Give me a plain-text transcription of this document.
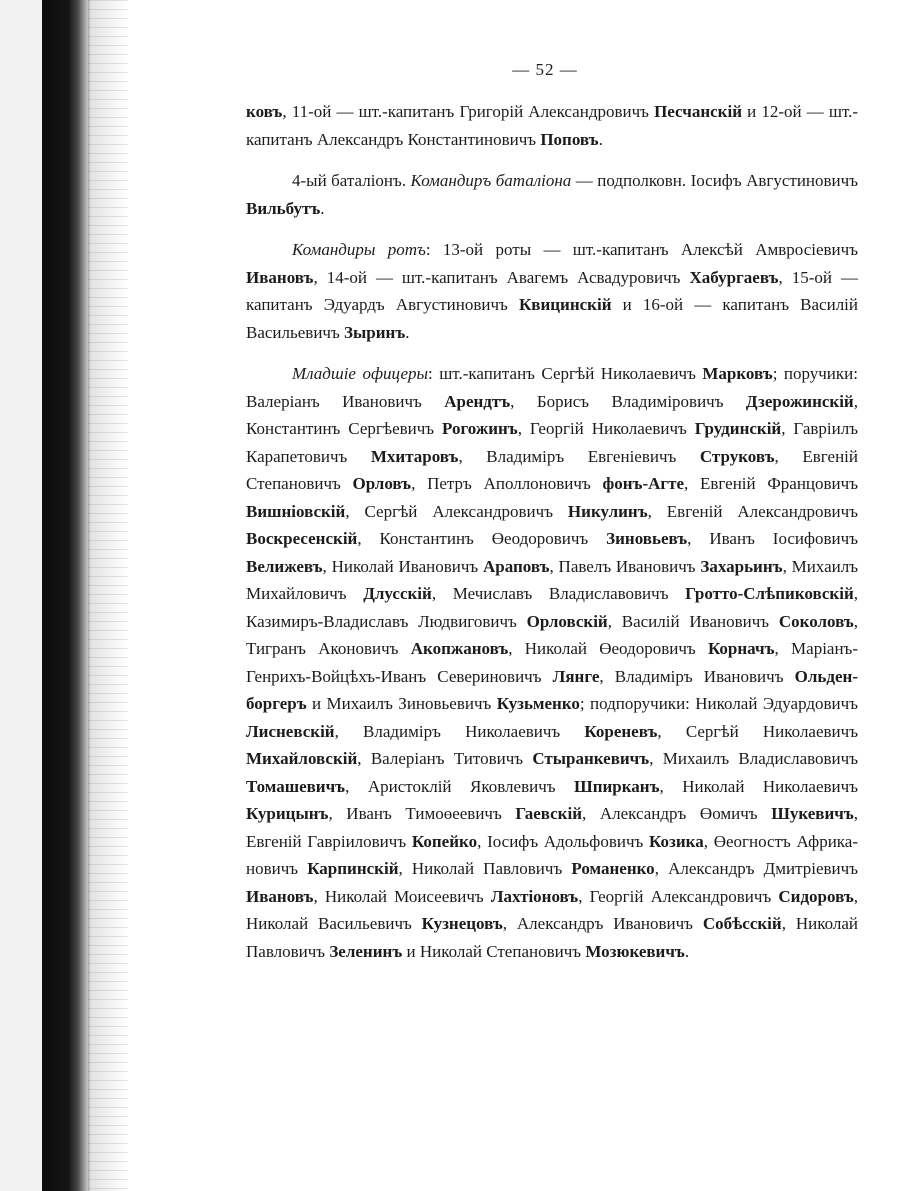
— 52 —

ковъ, 11-ой — шт.-капитанъ Григорій Александровичъ Песчанскій и 12-ой — шт.-капитанъ Александръ Константиновичъ Поповъ.

4-ый баталіонъ. Командиръ баталіона — подполковн. Іосифъ Августиновичъ Вильбутъ.

Командиры ротъ: 13-ой роты — шт.-капитанъ Алексѣй Амвросіевичъ Ивановъ, 14-ой — шт.-капитанъ Авагемъ Асвадуровичъ Хабургаевъ, 15-ой — капитанъ Эдуардъ Августиновичъ Квицинскій и 16-ой — капитанъ Василій Васильевичъ Зыринъ.

Младшіе офицеры: шт.-капитанъ Сергѣй Николаевичъ Марковъ; поручики: Валеріанъ Ивановичъ Арендтъ, Борисъ Владиміровичъ Дзерожинскій, Константинъ Сергѣевичъ Рогожинъ, Георгій Николаевичъ Грудинскій, Гавріилъ Карапетовичъ Мхитаровъ, Владиміръ Евгеніевичъ Струковъ, Евгеній Степановичъ Орловъ, Петръ Аполлоновичъ фонъ-Агте, Евгеній Францовичъ Вишніовскій, Сергѣй Александровичъ Никулинъ, Евгеній Александровичъ Воскресенскій, Константинъ Өеодоровичъ Зиновьевъ, Иванъ Іосифовичъ Велижевъ, Николай Ивановичъ Араповъ, Павелъ Ивановичъ Захарьинъ, Михаилъ Михайловичъ Длусскій, Мечиславъ Владиславовичъ Гротто-Слѣпиковскій, Казимиръ-Владиславъ Людвиговичъ Орловскій, Василій Ивановичъ Соколовъ, Тигранъ Аконовичъ Акопжановъ, Николай Өеодоровичъ Корначъ, Маріанъ-Генрихъ-Войцѣхъ-Иванъ Севериновичъ Лянге, Владиміръ Ивановичъ Ольденборгеръ и Михаилъ Зиновьевичъ Кузьменко; подпоручики: Николай Эдуардовичъ Лисневскій, Владиміръ Николаевичъ Кореневъ, Сергѣй Николаевичъ Михайловскій, Валеріанъ Титовичъ Стыранкевичъ, Михаилъ Владиславовичъ Томашевичъ, Аристоклій Яковлевичъ Шпирканъ, Николай Николаевичъ Курицынъ, Иванъ Тимоөеевичъ Гаевскій, Александръ Өомичъ Шукевичъ, Евгеній Гавріиловичъ Копейко, Іосифъ Адольфовичъ Козика, Өеогностъ Африкановичъ Карпинскій, Николай Павловичъ Романенко, Александръ Дмитріевичъ Ивановъ, Николай Моисеевичъ Лахтіоновъ, Георгій Александровичъ Сидоровъ, Николай Васильевичъ Кузнецовъ, Александръ Ивановичъ Собѣсскій, Николай Павловичъ Зеленинъ и Николай Степановичъ Мозюкевичъ.
